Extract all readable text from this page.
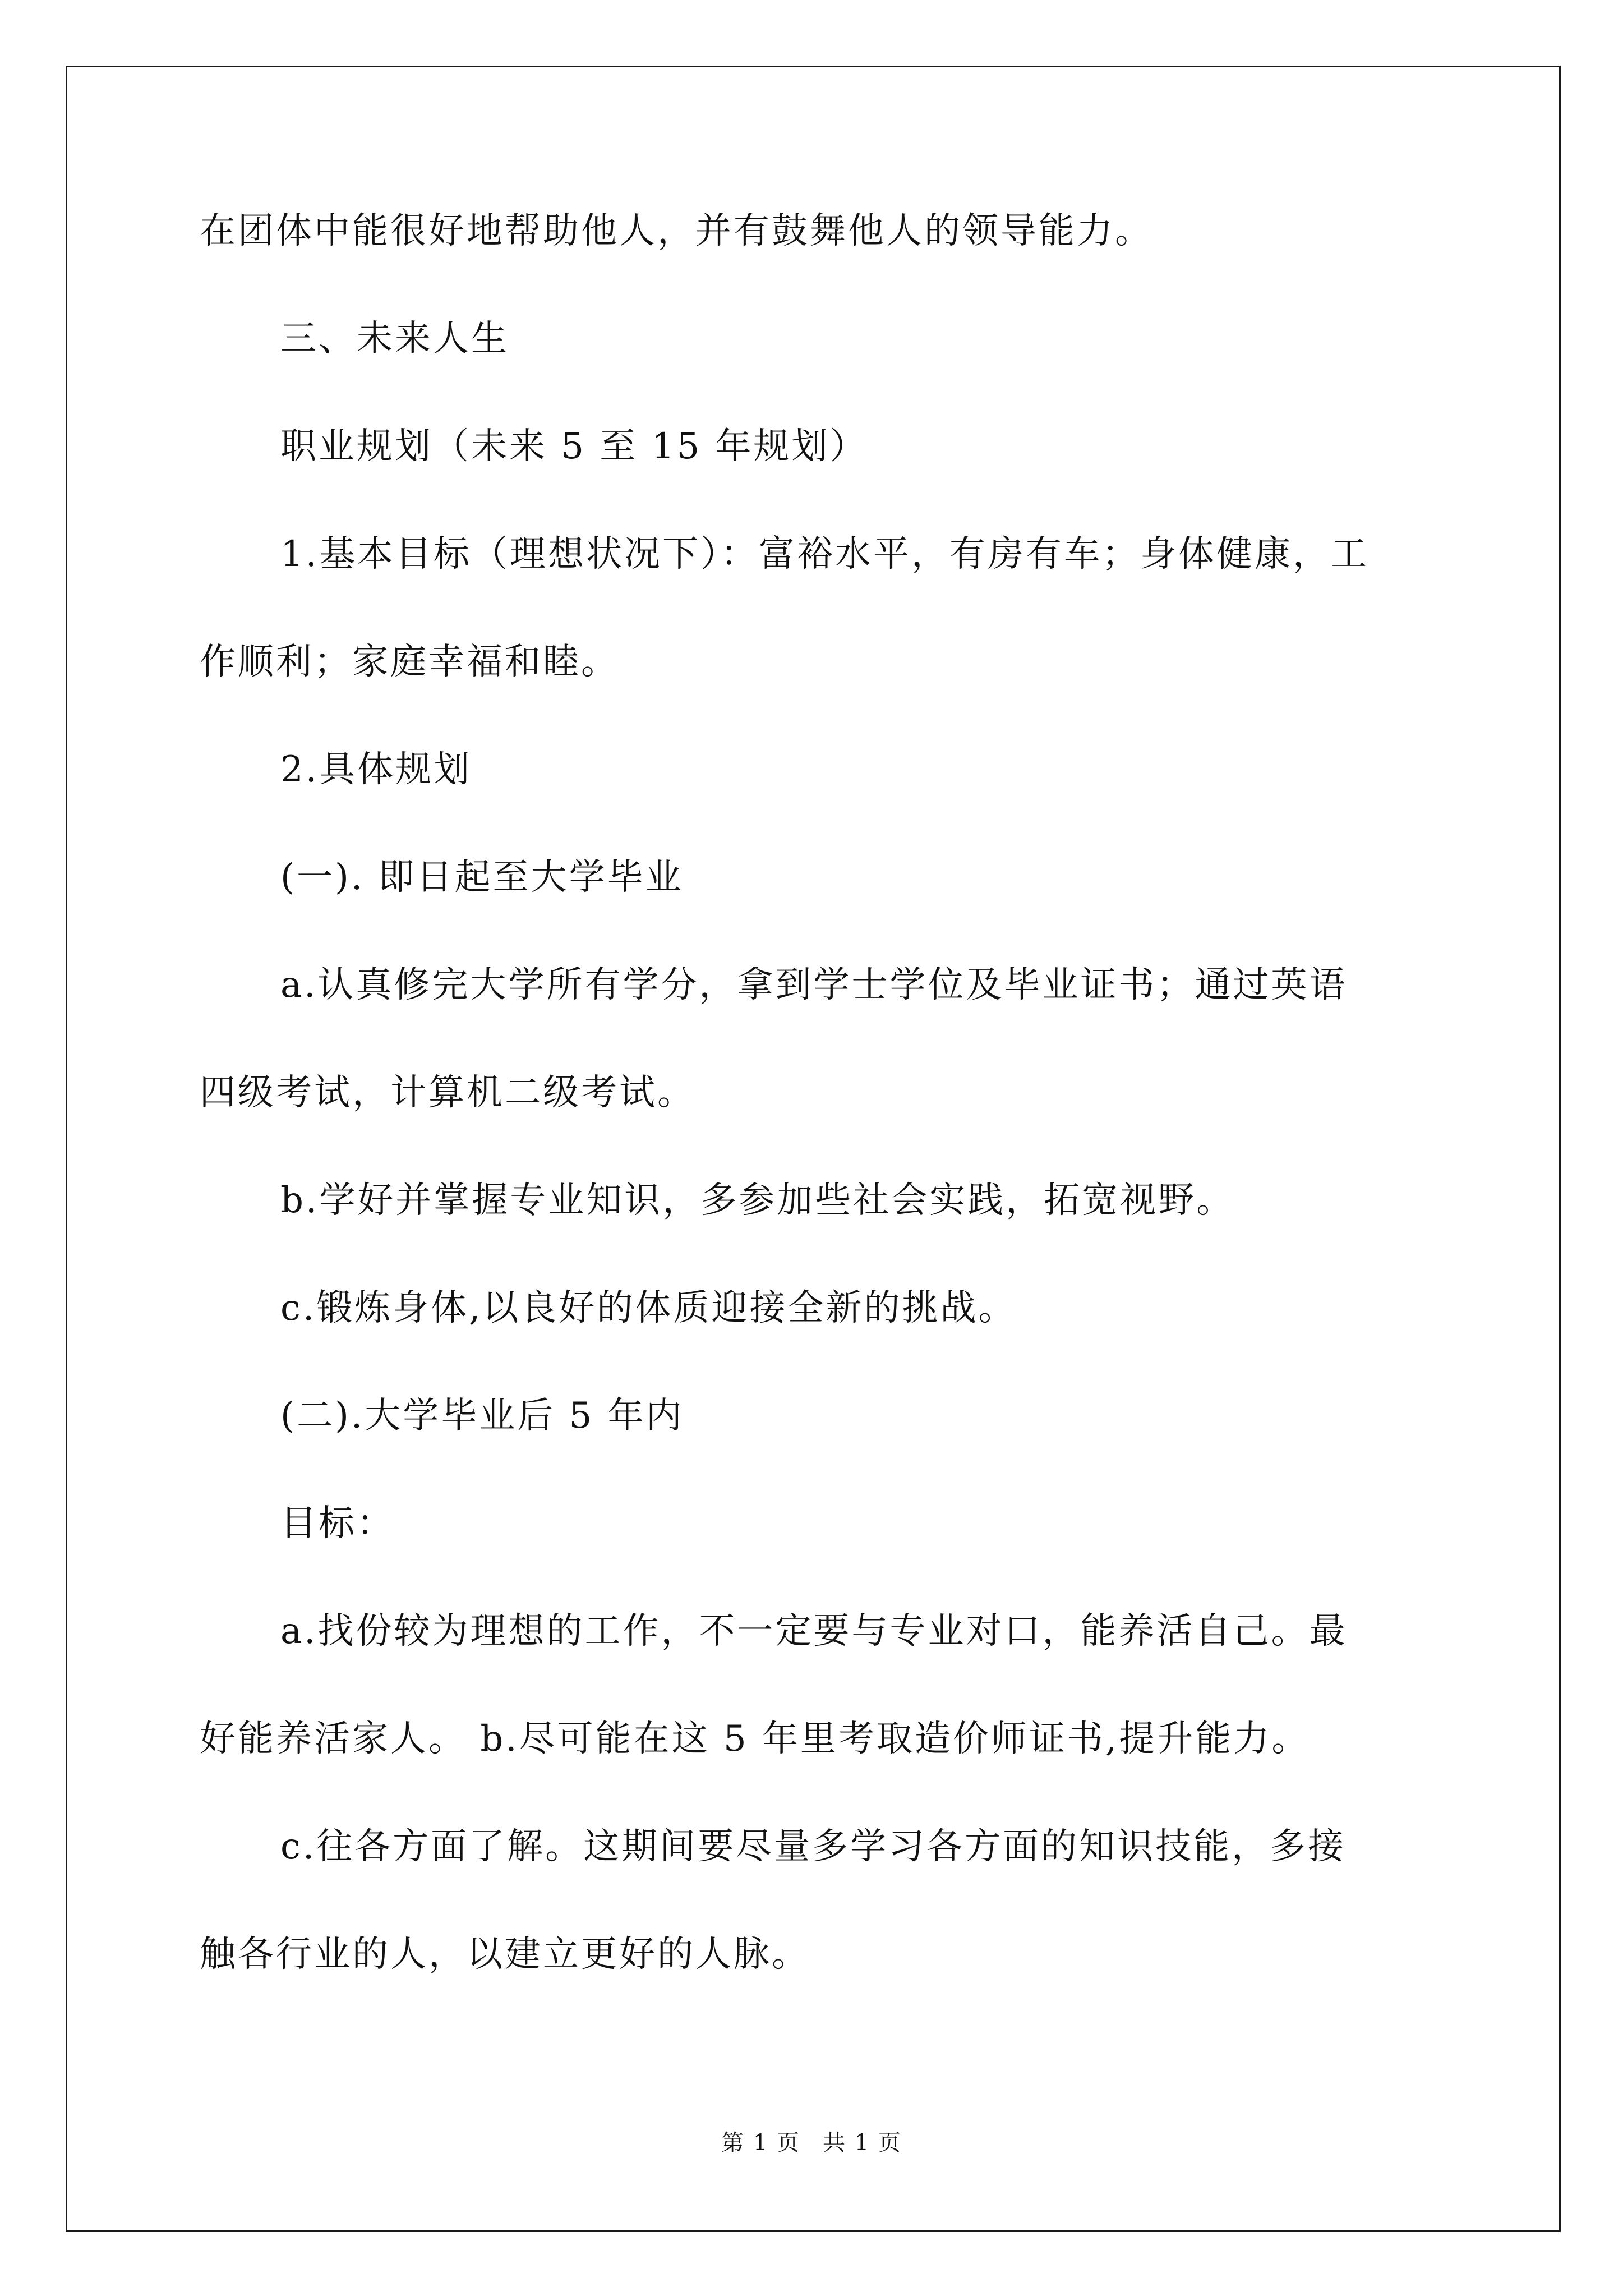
在团体中能很好地帮助他人，并有鼓舞他人的领导能力。
三、未来人生
职业规划（未来 5 至 15 年规划）
1.基本目标（理想状况下）：富裕水平，有房有车；身体健康，工
作顺利；家庭幸福和睦。
2.具体规划
(一). 即日起至大学毕业
a.认真修完大学所有学分，拿到学士学位及毕业证书；通过英语
四级考试，计算机二级考试。
b.学好并掌握专业知识，多参加些社会实践，拓宽视野。
c.锻炼身体,以良好的体质迎接全新的挑战。
(二).大学毕业后 5 年内
目标：
a.找份较为理想的工作，不一定要与专业对口，能养活自己。最
好能养活家人。 b.尽可能在这 5 年里考取造价师证书,提升能力。
c.往各方面了解。这期间要尽量多学习各方面的知识技能，多接
触各行业的人，以建立更好的人脉。
第 1 页 共 1 页
